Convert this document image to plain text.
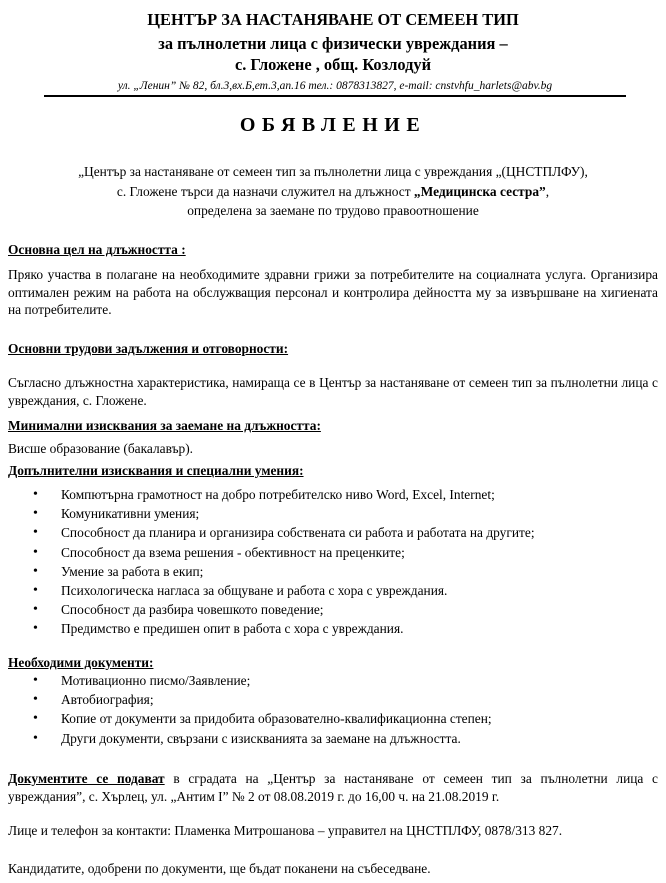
ЦЕНТЪР ЗА НАСТАНЯВАНЕ ОТ СЕМЕЕН ТИП
за пълнолетни лица с физически увреждания –
с. Гложене , общ. Козлодуй
ул. „Ленин” № 82, бл.3,вх.Б,ет.3,ап.16 тел.: 0878313827, e-mail: cnstvhfu_harlets@abv.bg
ОБЯВЛЕНИЕ
„Център за настаняване от семеен тип за пълнолетни лица с увреждания „(ЦНСТПЛФУ),
с. Гложене търси да назначи служител на длъжност „Медицинска сестра”,
определена за заемане по трудово правоотношение
Основна цел на длъжността :
Пряко участва в полагане на необходимите здравни грижи за потребителите на социалната услуга. Организира оптимален режим на работа на обслужващия персонал и контролира дейността му за извършване на хигиената на потребителите.
Основни трудови задължения и отговорности:
Съгласно длъжностна характеристика, намираща се в Център за настаняване от семеен тип за пълнолетни лица с увреждания, с. Гложене.
Минимални изисквания за заемане на длъжността:
Висше образование (бакалавър).
Допълнителни изисквания и специални умения:
• Компютърна грамотност на добро потребителско ниво Word, Excel, Internet;
• Комуникативни умения;
• Способност да планира и организира собствената си работа и работата на другите;
• Способност да взема решения - обективност на преценките;
• Умение за работа в екип;
• Психологическа нагласа за общуване и работа с хора с увреждания.
• Способност да разбира човешкото поведение;
• Предимство е предишен опит в работа с хора с увреждания.
Необходими документи:
• Мотивационно писмо/Заявление;
• Автобиография;
• Копие от документи за придобита образователно-квалификационна степен;
• Други документи, свързани с изискванията за заемане на длъжността.
Документите се подават в сградата на „Център за настаняване от семеен тип за пълнолетни лица с увреждания”, с. Хърлец, ул. „Антим І” № 2 от 08.08.2019 г. до 16,00 ч. на 21.08.2019 г.
Лице и телефон за контакти: Пламенка Митрошанова – управител на ЦНСТПЛФУ, 0878/313 827.
Кандидатите, одобрени по документи, ще бъдат поканени на събеседване.
